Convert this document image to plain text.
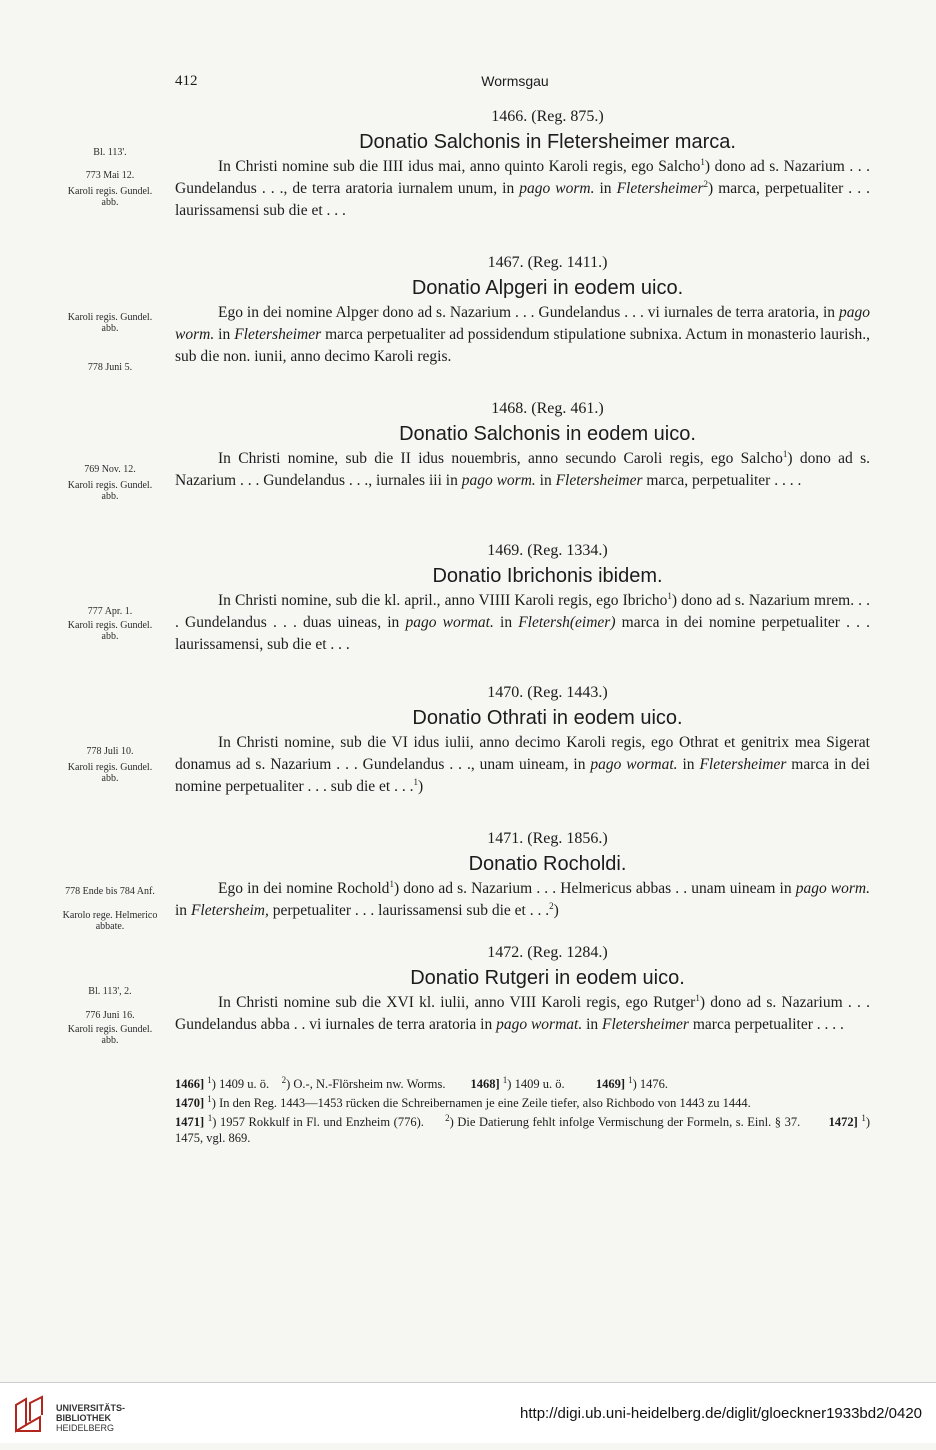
412	Wormsgau
Bl. 113'.
773 Mai 12.
Karoli regis. Gundel. abb.
Karoli regis. Gundel. abb.
778 Juni 5.
769 Nov. 12.
Karoli regis. Gundel. abb.
777 Apr. 1.
Karoli regis. Gundel. abb.
778 Juli 10.
Karoli regis. Gundel. abb.
778 Ende bis 784 Anf.
Karolo rege. Helmerico abbate.
Bl. 113', 2.
776 Juni 16.
Karoli regis. Gundel. abb.
1466. (Reg. 875.)
Donatio Salchonis in Fletersheimer marca.

In Christi nomine sub die IIII idus mai, anno quinto Karoli regis, ego Salcho$^1$) dono ad s. Nazarium . . . Gundelandus . . ., de terra aratoria iurnalem unum, in pago worm. in Fletersheimer$^2$) marca, perpetualiter . . . laurissamensi sub die et . . .

1467. (Reg. 1411.)
Donatio Alpgeri in eodem uico.

Ego in dei nomine Alpger dono ad s. Nazarium . . . Gundelandus . . . vi iurnales de terra aratoria, in pago worm. in Fletersheimer marca perpetualiter ad possidendum stipulatione subnixa. Actum in monasterio laurish., sub die non. iunii, anno decimo Karoli regis.

1468. (Reg. 461.)
Donatio Salchonis in eodem uico.

In Christi nomine, sub die II idus nouembris, anno secundo Caroli regis, ego Salcho$^1$) dono ad s. Nazarium . . . Gundelandus . . ., iurnales iii in pago worm. in Fletersheimer marca, perpetualiter . . . .

1469. (Reg. 1334.)
Donatio Ibrichonis ibidem.

In Christi nomine, sub die kl. april., anno VIIII Karoli regis, ego Ibricho$^1$) dono ad s. Nazarium mrem. . . . Gundelandus . . . duas uineas, in pago wormat. in Fletersh(eimer) marca in dei nomine perpetualiter . . . laurissamensi, sub die et . . .

1470. (Reg. 1443.)
Donatio Othrati in eodem uico.

In Christi nomine, sub die VI idus iulii, anno decimo Karoli regis, ego Othrat et genitrix mea Sigerat donamus ad s. Nazarium . . . Gundelandus . . ., unam uineam, in pago wormat. in Fletersheimer marca in dei nomine perpetualiter . . . sub die et . . .$^1$)

1471. (Reg. 1856.)
Donatio Rocholdi.

Ego in dei nomine Rochold$^1$) dono ad s. Nazarium . . . Helmericus abbas . . unam uineam in pago worm. in Fletersheim, perpetualiter . . . laurissamensi sub die et . . .$^2$)

1472. (Reg. 1284.)
Donatio Rutgeri in eodem uico.

In Christi nomine sub die XVI kl. iulii, anno VIII Karoli regis, ego Rutger$^1$) dono ad s. Nazarium . . . Gundelandus abba . . vi iurnales de terra aratoria in pago wormat. in Fletersheimer marca perpetualiter . . . .

1466] $^1$) 1409 u. ö. $^2$) O.-, N.-Flörsheim nw. Worms. 1468] $^1$) 1409 u. ö.	1469] $^1$) 1476.

1470] $^1$) In den Reg. 1443—1453 rücken die Schreibernamen je eine Zeile tiefer, also Richbodo von 1443 zu 1444.

1471] $^1$) 1957 Rokkulf in Fl. und Enzheim (776). $^2$) Die Datierung fehlt infolge Vermischung der Formeln, s. Einl. § 37. 1472] $^1$) 1475, vgl. 869.

UNIVERSITÄTS-
BIBLIOTHEK
HEIDELBERG
http://digi.ub.uni-heidelberg.de/diglit/gloeckner1933bd2/0420
